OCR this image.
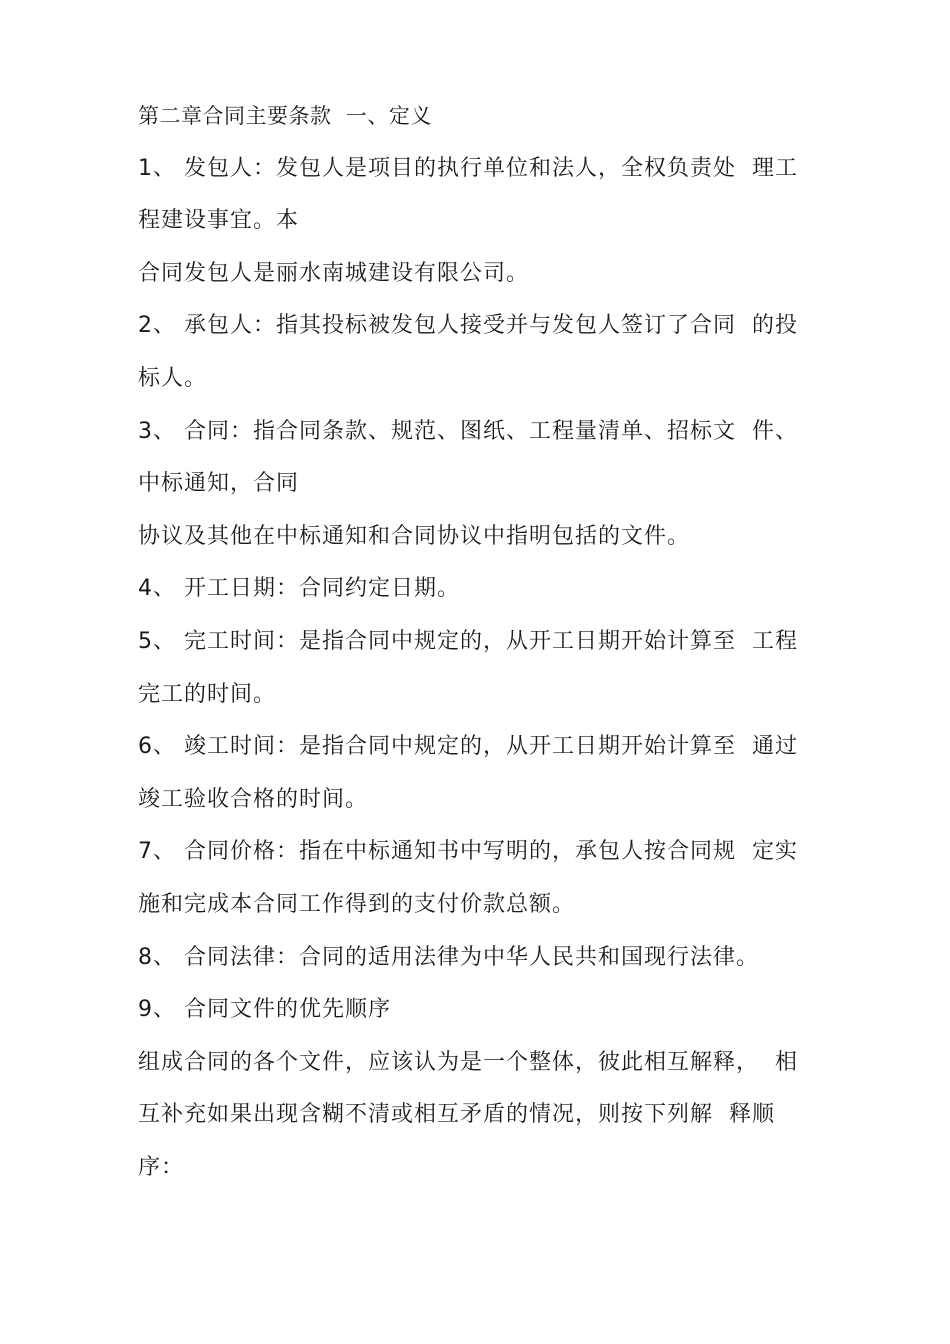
第二章合同主要条款  一、定义
1、 发包人：发包人是项目的执行单位和法人，全权负责处  理工
程建设事宜。本
合同发包人是丽水南城建设有限公司。
2、 承包人：指其投标被发包人接受并与发包人签订了合同  的投
标人。
3、 合同：指合同条款、规范、图纸、工程量清单、招标文  件、
中标通知，合同
协议及其他在中标通知和合同协议中指明包括的文件。
4、 开工日期：合同约定日期。
5、 完工时间：是指合同中规定的，从开工日期开始计算至  工程
完工的时间。
6、 竣工时间：是指合同中规定的，从开工日期开始计算至  通过
竣工验收合格的时间。
7、 合同价格：指在中标通知书中写明的，承包人按合同规  定实
施和完成本合同工作得到的支付价款总额。
8、 合同法律：合同的适用法律为中华人民共和国现行法律。
9、 合同文件的优先顺序
组成合同的各个文件，应该认为是一个整体，彼此相互解释，  相
互补充如果出现含糊不清或相互矛盾的情况，则按下列解  释顺
序：
